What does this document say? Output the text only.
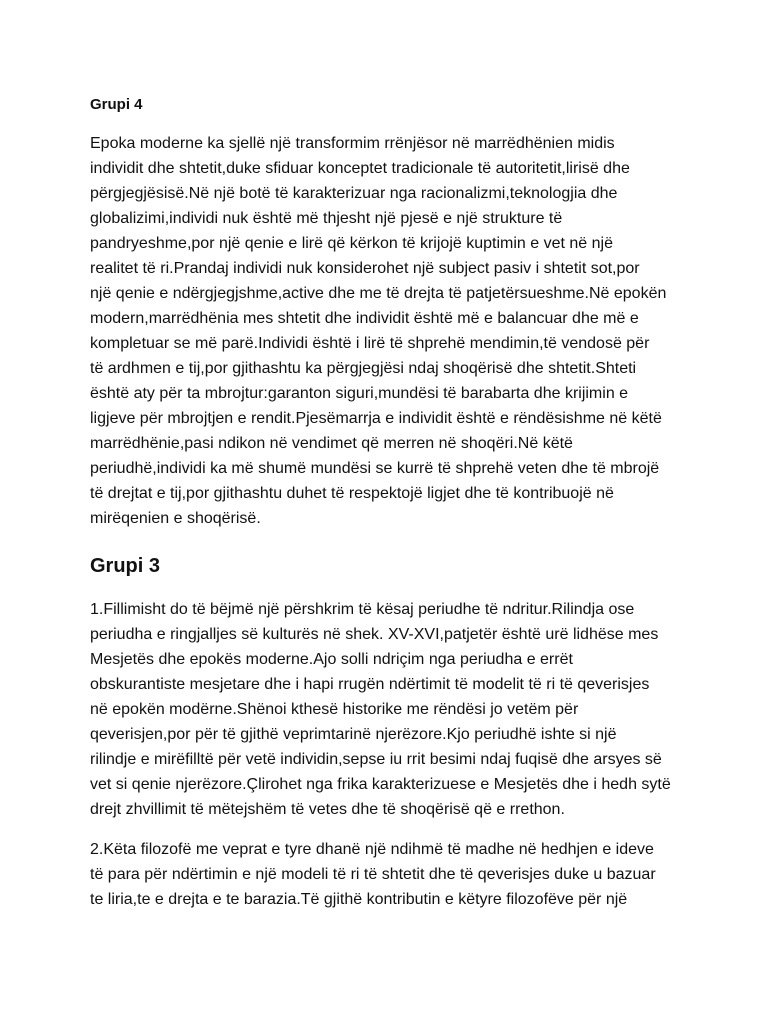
Grupi 4
Epoka moderne ka sjellë një transformim rrënjësor në marrëdhënien midis
individit dhe shtetit,duke sfiduar konceptet tradicionale të autoritetit,lirisë dhe
përgjegjësisë.Në një botë të karakterizuar nga racionalizmi,teknologjia dhe
globalizimi,individi nuk është më thjesht një pjesë e një strukture të
pandryeshme,por një qenie e lirë që kërkon të krijojë kuptimin e vet në një
realitet të ri.Prandaj individi nuk konsiderohet një subject pasiv i shtetit sot,por
një qenie e ndërgjegjshme,active dhe me të drejta të patjetërsueshme.Në epokën
modern,marrëdhënia mes shtetit dhe individit është më e balancuar dhe më e
kompletuar se më parë.Individi është i lirë të shprehë mendimin,të vendosë për
të ardhmen e tij,por gjithashtu ka përgjegjësi ndaj shoqërisë dhe shtetit.Shteti
është aty për ta mbrojtur:garanton siguri,mundësi të barabarta dhe krijimin e
ligjeve për mbrojtjen e rendit.Pjesëmarrja e individit është e rëndësishme në këtë
marrëdhënie,pasi ndikon në vendimet që merren në shoqëri.Në këtë
periudhë,individi ka më shumë mundësi se kurrë të shprehë veten dhe të mbrojë
të drejtat e tij,por gjithashtu duhet të respektojë ligjet dhe të kontribuojë në
mirëqenien e shoqërisë.
Grupi 3
1.Fillimisht do të bëjmë një përshkrim të kësaj periudhe të ndritur.Rilindja ose
periudha e ringjalljes së kulturës në shek. XV-XVI,patjetër është urë lidhëse mes
Mesjetës dhe epokës moderne.Ajo solli ndriçim nga periudha e errët
obskurantiste mesjetare dhe i hapi rrugën ndërtimit të modelit të ri të qeverisjes
në epokën modërne.Shënoi kthesë historike me rëndësi jo vetëm për
qeverisjen,por për të gjithë veprimtarinë njerëzore.Kjo periudhë ishte si një
rilindje e mirëfilltë për vetë individin,sepse iu rrit besimi ndaj fuqisë dhe arsyes së
vet si qenie njerëzore.Çlirohet nga frika karakterizuese e Mesjetës dhe i hedh sytë
drejt zhvillimit të mëtejshëm të vetes dhe të shoqërisë që e rrethon.
2.Këta filozofë me veprat e tyre dhanë një ndihmë të madhe në hedhjen e ideve
të para për ndërtimin e një modeli të ri të shtetit dhe të qeverisjes duke u bazuar
te liria,te e drejta e te barazia.Të gjithë kontributin e këtyre filozofëve për një
